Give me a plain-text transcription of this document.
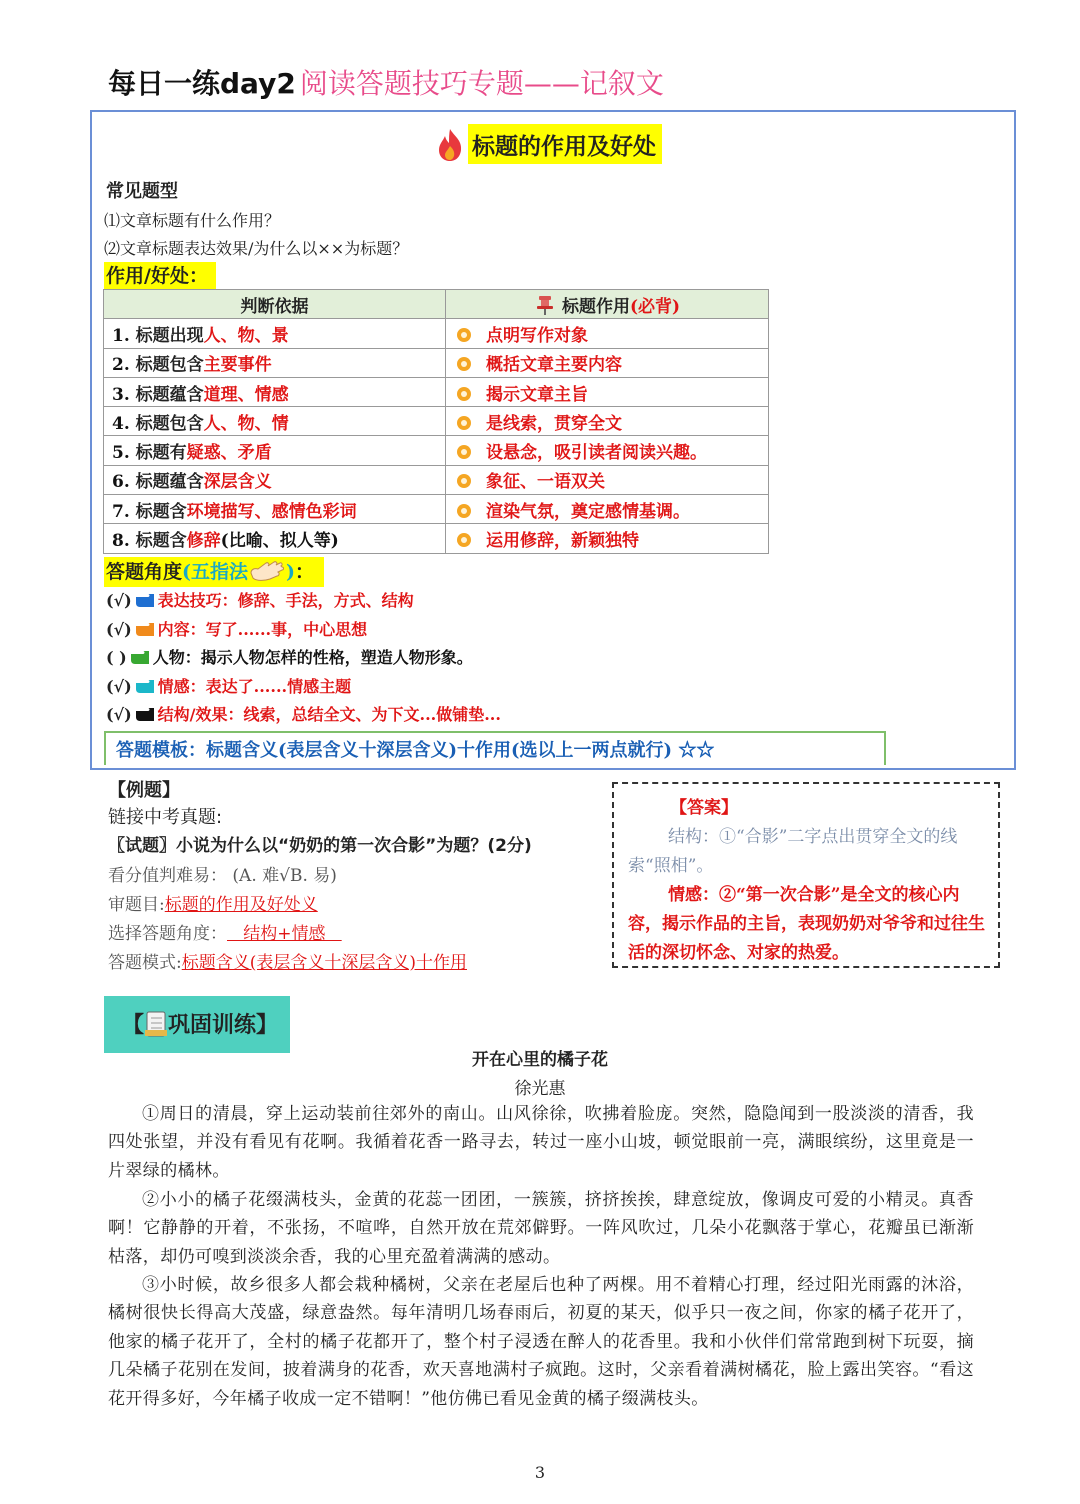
每日一练day2 阅读答题技巧专题——记叙文
标题的作用及好处
常见题型
⑴文章标题有什么作用？
⑵文章标题表达效果/为什么以××为标题？
作用/好处：
判断依据	标题作用(必背)
1. 标题出现人、物、景	点明写作对象
2. 标题包含主要事件	概括文章主要内容
3. 标题蕴含道理、情感	揭示文章主旨
4. 标题包含人、物、情	是线索，贯穿全文
5. 标题有疑惑、矛盾	设悬念，吸引读者阅读兴趣。
6. 标题蕴含深层含义	象征、一语双关
7. 标题含环境描写、感情色彩词	渲染气氛，奠定感情基调。
8. 标题含修辞(比喻、拟人等)	运用修辞，新颖独特
答题角度(五指法 )：
(√) 表达技巧：修辞、手法，方式、结构
(√) 内容：写了......事，中心思想
( ) 人物：揭示人物怎样的性格，塑造人物形象。
(√) 情感：表达了......情感主题
(√) 结构/效果：线索，总结全文、为下文...做铺垫...
答题模板：标题含义(表层含义十深层含义)十作用(选以上一两点就行) ☆☆
【例题】
链接中考真题:
〖试题〗小说为什么以“奶奶的第一次合影”为题？(2分)
看分值判难易： (A. 难√B. 易)
审题目:标题的作用及好处义
选择答题角度：   结构+情感
答题模式:标题含义(表层含义十深层含义)十作用
【答案】
结构：①“合影”二字点出贯穿全文的线索“照相”。
情感：②“第一次合影”是全文的核心内容，揭示作品的主旨，表现奶奶对爷爷和过往生活的深切怀念、对家的热爱。
【 巩固训练】
开在心里的橘子花
徐光惠
①周日的清晨，穿上运动装前往郊外的南山。山风徐徐，吹拂着脸庞。突然，隐隐闻到一股淡淡的清香，我四处张望，并没有看见有花啊。我循着花香一路寻去，转过一座小山坡，顿觉眼前一亮，满眼缤纷，这里竟是一片翠绿的橘林。
②小小的橘子花缀满枝头，金黄的花蕊一团团，一簇簇，挤挤挨挨，肆意绽放，像调皮可爱的小精灵。真香啊！它静静的开着，不张扬，不喧哗，自然开放在荒郊僻野。一阵风吹过，几朵小花飘落于掌心，花瓣虽已渐渐枯落，却仍可嗅到淡淡余香，我的心里充盈着满满的感动。
③小时候，故乡很多人都会栽种橘树，父亲在老屋后也种了两棵。用不着精心打理，经过阳光雨露的沐浴，橘树很快长得高大茂盛，绿意盎然。每年清明几场春雨后，初夏的某天，似乎只一夜之间，你家的橘子花开了，他家的橘子花开了，全村的橘子花都开了，整个村子浸透在醉人的花香里。我和小伙伴们常常跑到树下玩耍，摘几朵橘子花别在发间，披着满身的花香，欢天喜地满村子疯跑。这时，父亲看着满树橘花，脸上露出笑容。“看这花开得多好，今年橘子收成一定不错啊！”他仿佛已看见金黄的橘子缀满枝头。
3
